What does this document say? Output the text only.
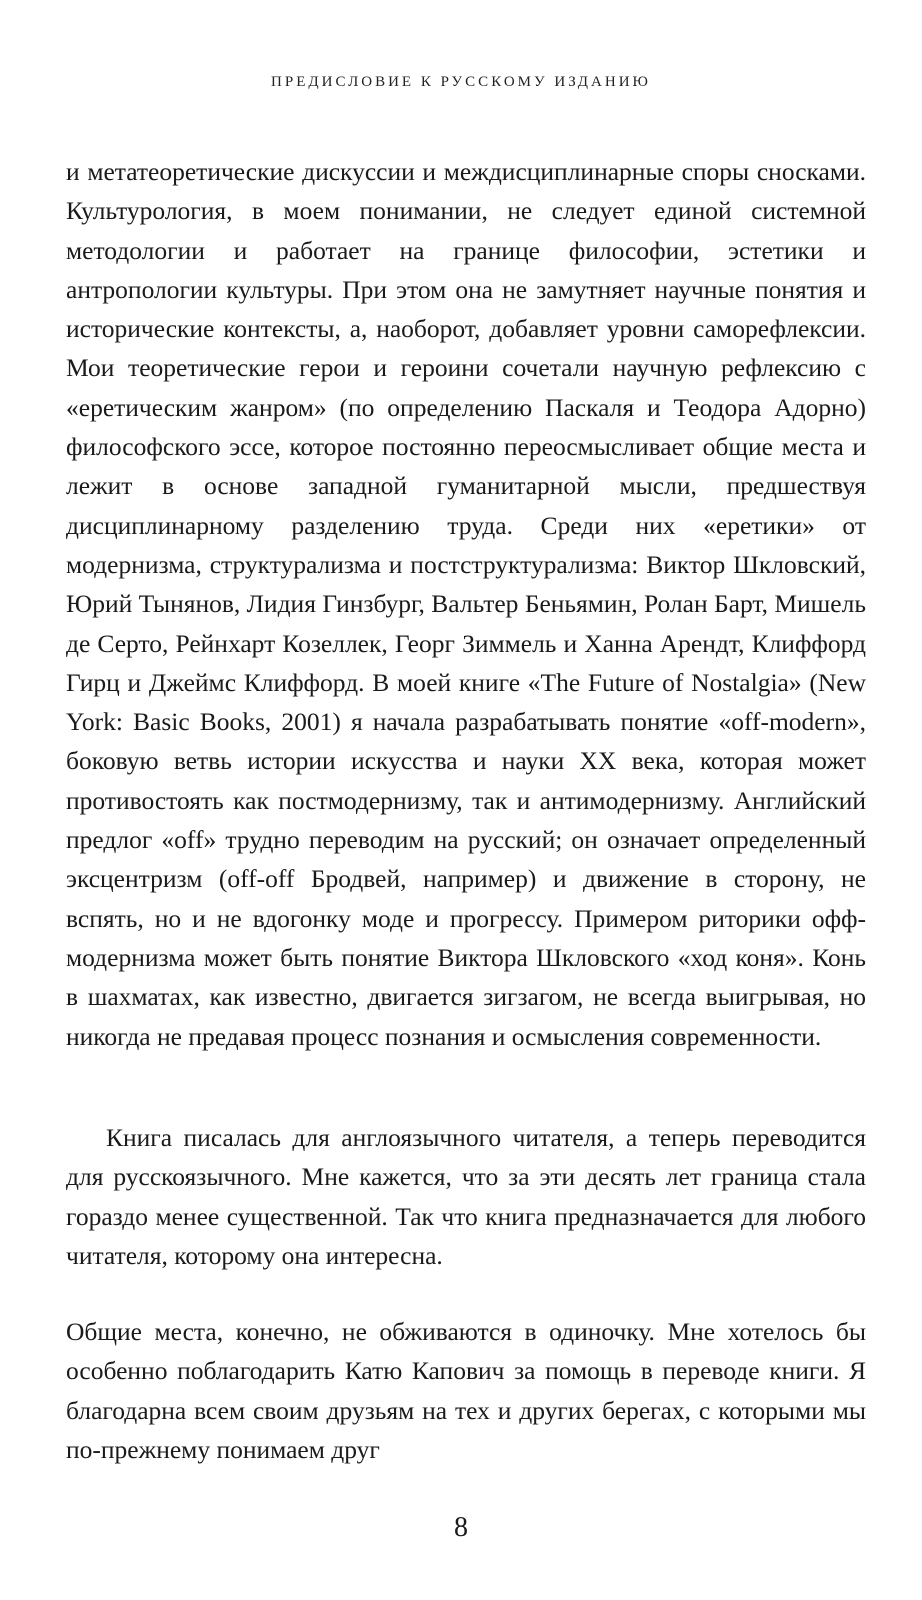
ПРЕДИСЛОВИЕ К РУССКОМУ ИЗДАНИЮ

и метатеоретические дискуссии и междисциплинарные споры сносками. Культурология, в моем понимании, не следует единой системной методологии и работает на границе философии, эстетики и антропологии культуры. При этом она не замутняет научные понятия и исторические контексты, а, наоборот, добавляет уровни саморефлексии. Мои теоретические герои и героини сочетали научную рефлексию с «еретическим жанром» (по определению Паскаля и Теодора Адорно) философского эссе, которое постоянно переосмысливает общие места и лежит в основе западной гуманитарной мысли, предшествуя дисциплинарному разделению труда. Среди них «еретики» от модернизма, структурализма и постструктурализма: Виктор Шкловский, Юрий Тынянов, Лидия Гинзбург, Вальтер Беньямин, Ролан Барт, Мишель де Серто, Рейнхарт Козеллек, Георг Зиммель и Ханна Арендт, Клиффорд Гирц и Джеймс Клиффорд. В моей книге «The Future of Nostalgia» (New York: Basic Books, 2001) я начала разрабатывать понятие «off-modern», боковую ветвь истории искусства и науки XX века, которая может противостоять как постмодернизму, так и антимодернизму. Английский предлог «off» трудно переводим на русский; он означает определенный эксцентризм (off-off Бродвей, например) и движение в сторону, не вспять, но и не вдогонку моде и прогрессу. Примером риторики офф-модернизма может быть понятие Виктора Шкловского «ход коня». Конь в шахматах, как известно, двигается зигзагом, не всегда выигрывая, но никогда не предавая процесс познания и осмысления современности.

Книга писалась для англоязычного читателя, а теперь переводится для русскоязычного. Мне кажется, что за эти десять лет граница стала гораздо менее существенной. Так что книга предназначается для любого читателя, которому она интересна.

Общие места, конечно, не обживаются в одиночку. Мне хотелось бы особенно поблагодарить Катю Капович за помощь в переводе книги. Я благодарна всем своим друзьям на тех и других берегах, с которыми мы по-прежнему понимаем друг

8
